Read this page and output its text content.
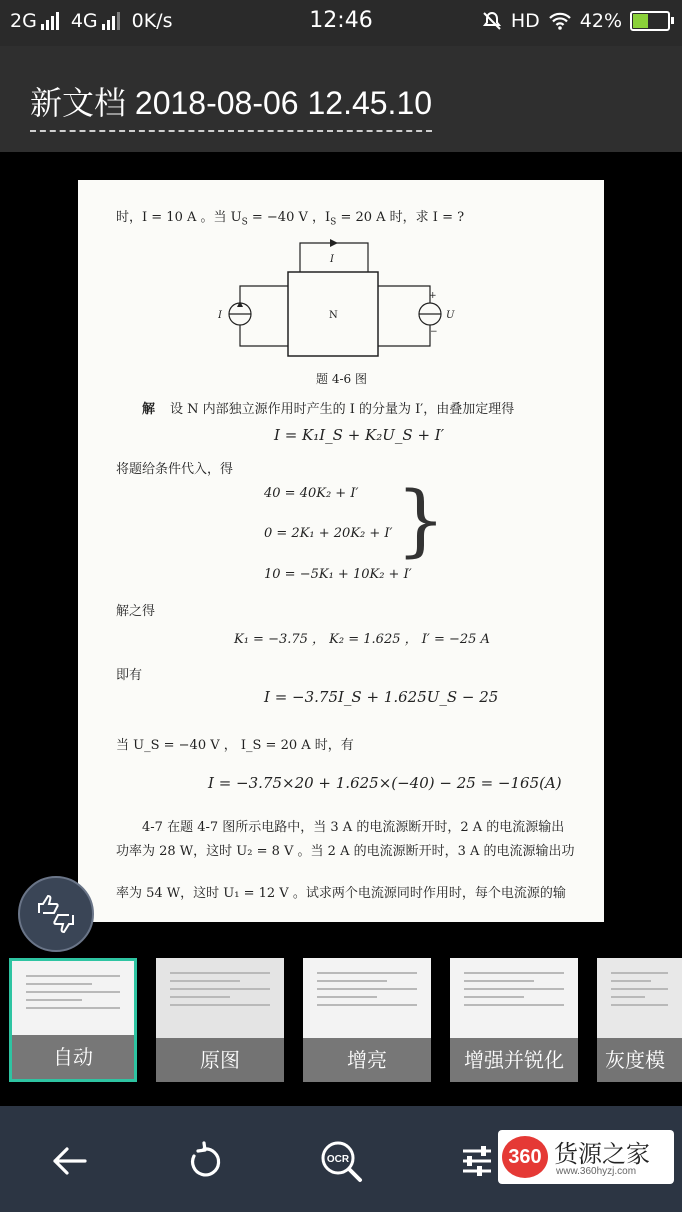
2G 4G 0K/s	12:46	HD 42%
新文档 2018-08-06 12.45.10
时，I = 10 A 。当 $U_S = -40$ V ，$I_S = 20$ A 时，求 I = ?
I
N
I	U
+
−
题 4-6 图
解 设 N 内部独立源作用时产生的 I 的分量为 I′，由叠加定理得
I = K₁I_S + K₂U_S + I′
将题给条件代入，得
40 = 40K₂ + I′
0 = 2K₁ + 20K₂ + I′
10 = −5K₁ + 10K₂ + I′
}
解之得
K₁ = −3.75 ， K₂ = 1.625 ， I′ = −25 A
即有
I = −3.75I_S + 1.625U_S − 25
当 U_S = −40 V ， I_S = 20 A 时，有
I = −3.75×20 + 1.625×(−40) − 25 = −165(A)
4-7 在题 4-7 图所示电路中，当 3 A 的电流源断开时，2 A 的电流源输出
功率为 28 W，这时 U₂ = 8 V 。当 2 A 的电流源断开时，3 A 的电流源输出功
率为 54 W，这时 U₁ = 12 V 。试求两个电流源同时作用时，每个电流源的输
自动	原图	增亮	增强并锐化	灰度模
OCR	360 货源之家
www.360hyzj.com
